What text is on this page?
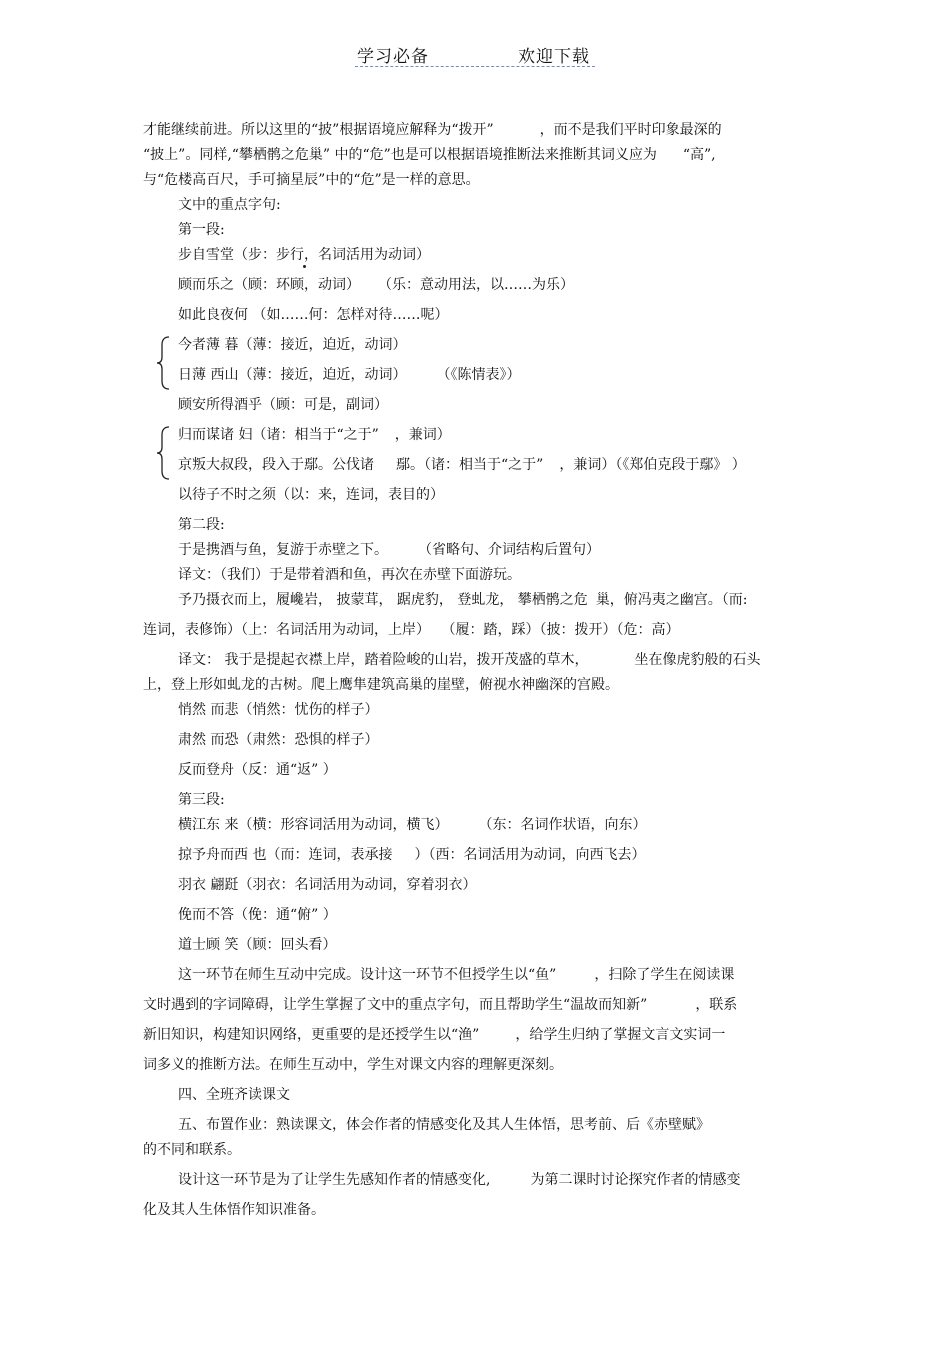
学习必备	欢迎下载

才能继续前进。所以这里的“披”根据语境应解释为“拨开”	，而不是我们平时印象最深的

“披上”。同样,“攀栖鹘之危巢” 中的“危”也是可以根据语境推断法来推断其词义应为 “高”,

与“危楼高百尺，手可摘星辰”中的“危”是一样的意思。

文中的重点字句:

第一段:

步自雪堂（步：步行，名词活用为动词）

顾而乐之（顾：环顾，动词） （乐：意动用法，以……为乐）

如此良夜何 （如……何：怎样对待……呢）

今者薄 暮（薄：接近，迫近，动词）

日薄 西山（薄：接近，迫近，动词） （《陈情表》）

顾安所得酒乎（顾：可是，副词）

归而谋诸 妇（诸：相当于“之于” ，兼词）

京叛大叔段，段入于鄢。公伐诸 鄢。（诸：相当于“之于” ，兼词）（《郑伯克段于鄢》 ）

以待子不时之须（以：来，连词，表目的）

第二段:

于是携酒与鱼，复游于赤壁之下。 （省略句、介词结构后置句）

译文：（我们）于是带着酒和鱼，再次在赤壁下面游玩。

予乃摄衣而上，履巉岩， 披蒙茸， 踞虎豹， 登虬龙， 攀栖鹘之危 巢，俯冯夷之幽宫。（而:

连词，表修饰）（上：名词活用为动词，上岸）　 （履：踏，踩）（披：拨开）（危：高）

译文： 我于是提起衣襟上岸，踏着险峻的山岩，拨开茂盛的草木，	坐在像虎豹般的石头

上，登上形如虬龙的古树。爬上鹰隼建筑高巢的崖壁，俯视水神幽深的宫殿。

悄然 而悲（悄然：忧伤的样子）

肃然 而恐（肃然：恐惧的样子）

反而登舟（反：通“返” ）

第三段:

横江东 来（横：形容词活用为动词，横飞） （东：名词作状语，向东）

掠予舟而西 也（而：连词，表承接 ）（西：名词活用为动词，向西飞去）

羽衣 翩跹（羽衣：名词活用为动词，穿着羽衣）

俛而不答（俛：通“俯” ）

道士顾 笑（顾：回头看）

这一环节在师生互动中完成。设计这一环节不但授学生以“鱼”	，扫除了学生在阅读课

文时遇到的字词障碍，让学生掌握了文中的重点字句，而且帮助学生“温故而知新”	，联系

新旧知识，构建知识网络，更重要的是还授学生以“渔”	，给学生归纳了掌握文言文实词一

词多义的推断方法。在师生互动中，学生对课文内容的理解更深刻。

四、全班齐读课文

五、布置作业：熟读课文，体会作者的情感变化及其人生体悟，思考前、后《赤壁赋》

的不同和联系。

设计这一环节是为了让学生先感知作者的情感变化,	为第二课时讨论探究作者的情感变

化及其人生体悟作知识准备。
